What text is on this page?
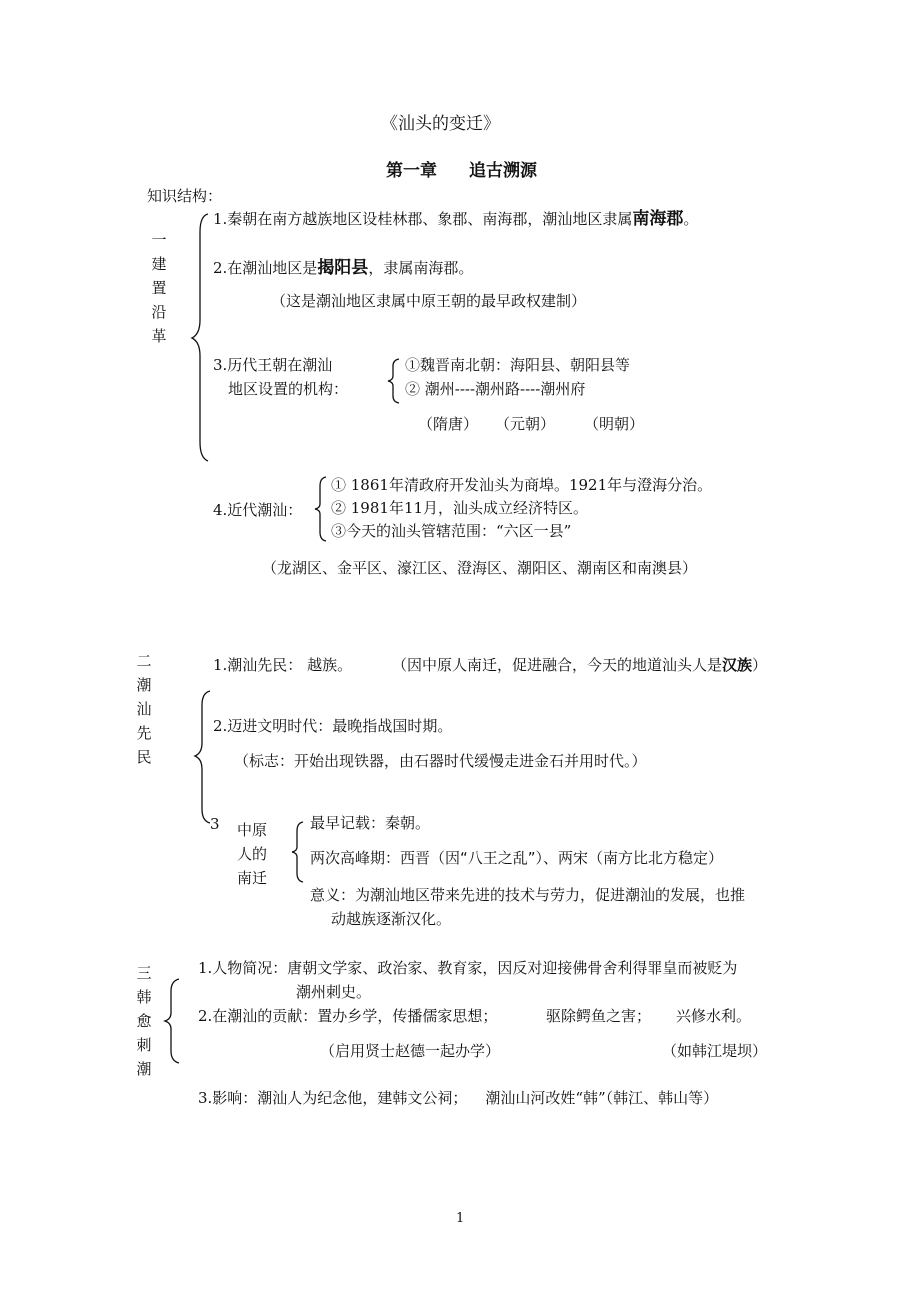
《汕头的变迁》
第一章 追古溯源
知识结构：
一
建
置
沿
革
1.秦朝在南方越族地区设桂林郡、象郡、南海郡，潮汕地区隶属南海郡。
2.在潮汕地区是揭阳县，隶属南海郡。
（这是潮汕地区隶属中原王朝的最早政权建制）
3.历代王朝在潮汕
地区设置的机构：
①魏晋南北朝：海阳县、朝阳县等
② 潮州----潮州路----潮州府
（隋唐） （元朝） （明朝）
4.近代潮汕：
① 1861年清政府开发汕头为商埠。1921年与澄海分治。
② 1981年11月，汕头成立经济特区。
③今天的汕头管辖范围：“六区一县”
（龙湖区、金平区、濠江区、澄海区、潮阳区、潮南区和南澳县）
二
潮
汕
先
民
1.潮汕先民： 越族。	（因中原人南迁，促进融合，今天的地道汕头人是汉族）
2.迈进文明时代：最晚指战国时期。
（标志：开始出现铁器，由石器时代缓慢走进金石并用时代。）
3 中原
人的
南迁
最早记载：秦朝。
两次高峰期：西晋（因“八王之乱”）、两宋（南方比北方稳定）
意义：为潮汕地区带来先进的技术与劳力，促进潮汕的发展，也推
动越族逐渐汉化。
三
韩
愈
刺
潮
1.人物简况：唐朝文学家、政治家、教育家，因反对迎接佛骨舍利得罪皇而被贬为
潮州刺史。
2.在潮汕的贡献：置办乡学，传播儒家思想；	驱除鳄鱼之害； 兴修水利。
（启用贤士赵德一起办学）	（如韩江堤坝）
3.影响：潮汕人为纪念他，建韩文公祠； 潮汕山河改姓“韩”（韩江、韩山等）
1
